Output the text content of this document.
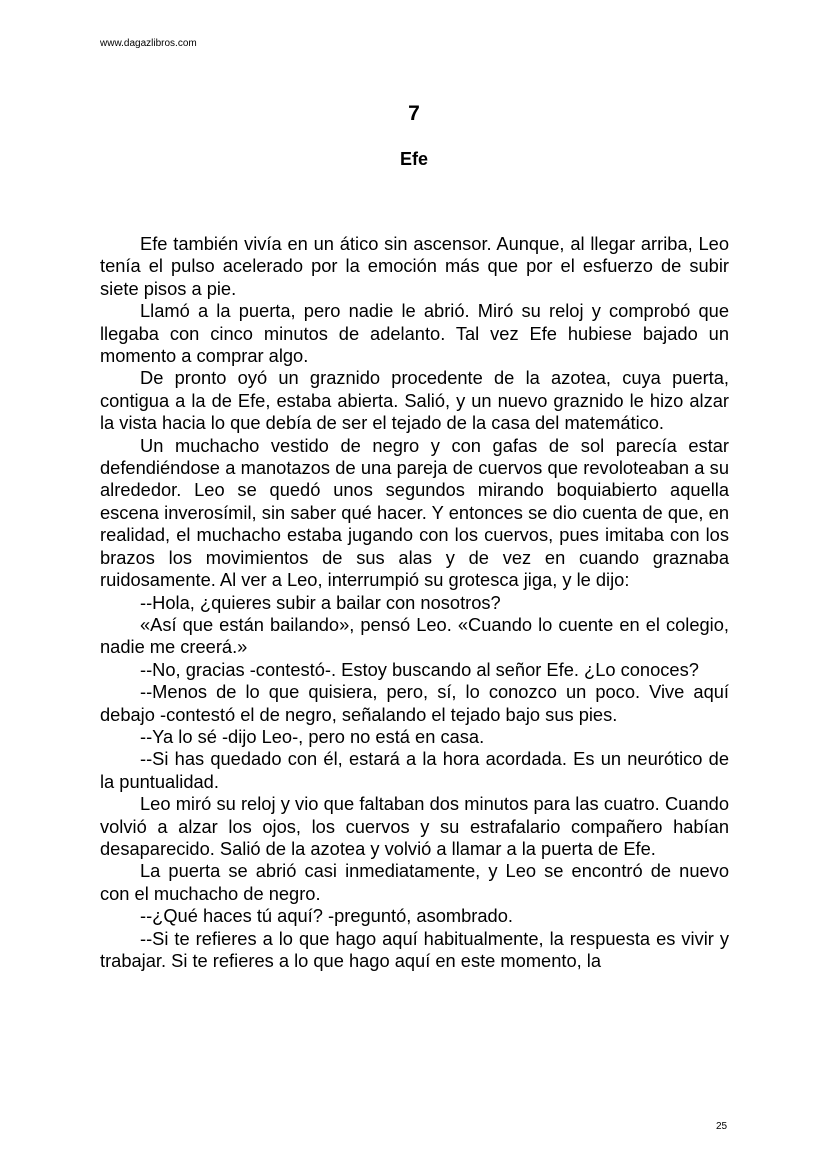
www.dagazlibros.com
7
Efe

Efe también vivía en un ático sin ascensor. Aunque, al llegar arriba, Leo tenía el pulso acelerado por la emoción más que por el esfuerzo de subir siete pisos a pie.

Llamó a la puerta, pero nadie le abrió. Miró su reloj y comprobó que llegaba con cinco minutos de adelanto. Tal vez Efe hubiese bajado un momento a comprar algo.

De pronto oyó un graznido procedente de la azotea, cuya puerta, contigua a la de Efe, estaba abierta. Salió, y un nuevo graznido le hizo alzar la vista hacia lo que debía de ser el tejado de la casa del matemático.

Un muchacho vestido de negro y con gafas de sol parecía estar defendiéndose a manotazos de una pareja de cuervos que revoloteaban a su alrededor. Leo se quedó unos segundos mirando boquiabierto aquella escena inverosímil, sin saber qué hacer. Y entonces se dio cuenta de que, en realidad, el muchacho estaba jugando con los cuervos, pues imitaba con los brazos los movimientos de sus alas y de vez en cuando graznaba ruidosamente. Al ver a Leo, interrumpió su grotesca jiga, y le dijo:

--Hola, ¿quieres subir a bailar con nosotros?

«Así que están bailando», pensó Leo. «Cuando lo cuente en el colegio, nadie me creerá.»

--No, gracias -contestó-. Estoy buscando al señor Efe. ¿Lo conoces?

--Menos de lo que quisiera, pero, sí, lo conozco un poco. Vive aquí debajo -contestó el de negro, señalando el tejado bajo sus pies.

--Ya lo sé -dijo Leo-, pero no está en casa.

--Si has quedado con él, estará a la hora acordada. Es un neurótico de la puntualidad.

Leo miró su reloj y vio que faltaban dos minutos para las cuatro. Cuando volvió a alzar los ojos, los cuervos y su estrafalario compañero habían desaparecido. Salió de la azotea y volvió a llamar a la puerta de Efe.

La puerta se abrió casi inmediatamente, y Leo se encontró de nuevo con el muchacho de negro.

--¿Qué haces tú aquí? -preguntó, asombrado.

--Si te refieres a lo que hago aquí habitualmente, la respuesta es vivir y trabajar. Si te refieres a lo que hago aquí en este momento, la

25
